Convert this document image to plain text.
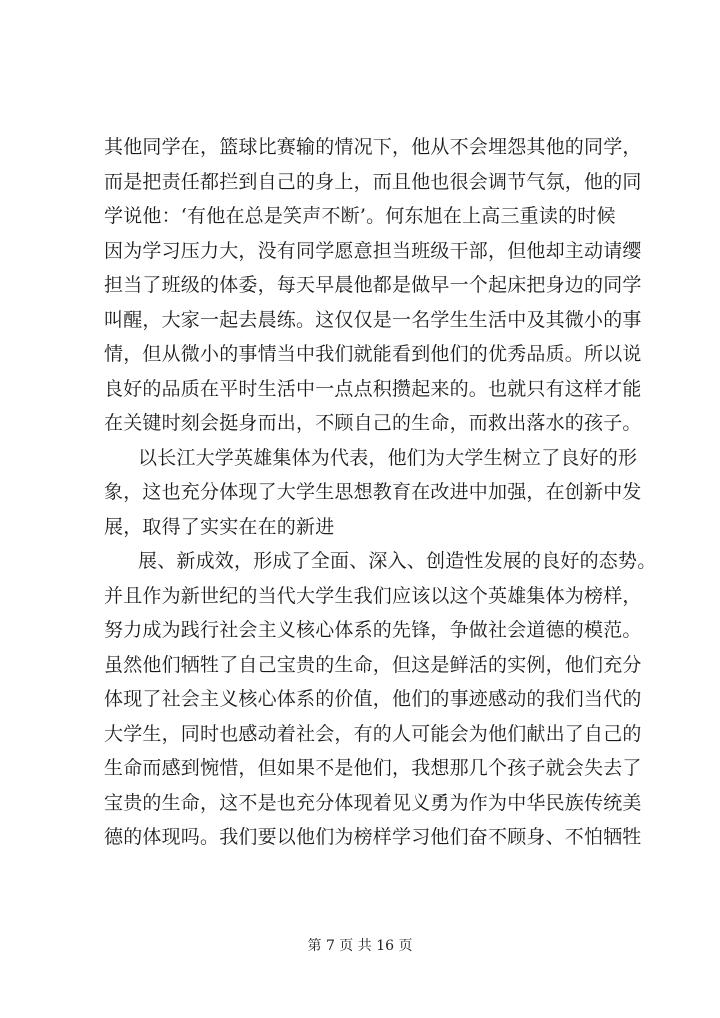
其他同学在，篮球比赛输的情况下，他从不会埋怨其他的同学，
而是把责任都拦到自己的身上，而且他也很会调节气氛，他的同
学说他：‘有他在总是笑声不断’。何东旭在上高三重读的时候
因为学习压力大，没有同学愿意担当班级干部，但他却主动请缨
担当了班级的体委，每天早晨他都是做早一个起床把身边的同学
叫醒，大家一起去晨练。这仅仅是一名学生生活中及其微小的事
情，但从微小的事情当中我们就能看到他们的优秀品质。所以说
良好的品质在平时生活中一点点积攒起来的。也就只有这样才能
在关键时刻会挺身而出，不顾自己的生命，而救出落水的孩子。
以长江大学英雄集体为代表，他们为大学生树立了良好的形
象，这也充分体现了大学生思想教育在改进中加强，在创新中发
展，取得了实实在在的新进
展、新成效，形成了全面、深入、创造性发展的良好的态势。
并且作为新世纪的当代大学生我们应该以这个英雄集体为榜样，
努力成为践行社会主义核心体系的先锋，争做社会道德的模范。
虽然他们牺牲了自己宝贵的生命，但这是鲜活的实例，他们充分
体现了社会主义核心体系的价值，他们的事迹感动的我们当代的
大学生，同时也感动着社会，有的人可能会为他们献出了自己的
生命而感到惋惜，但如果不是他们，我想那几个孩子就会失去了
宝贵的生命，这不是也充分体现着见义勇为作为中华民族传统美
德的体现吗。我们要以他们为榜样学习他们奋不顾身、不怕牺牲
第 7 页 共 16 页
